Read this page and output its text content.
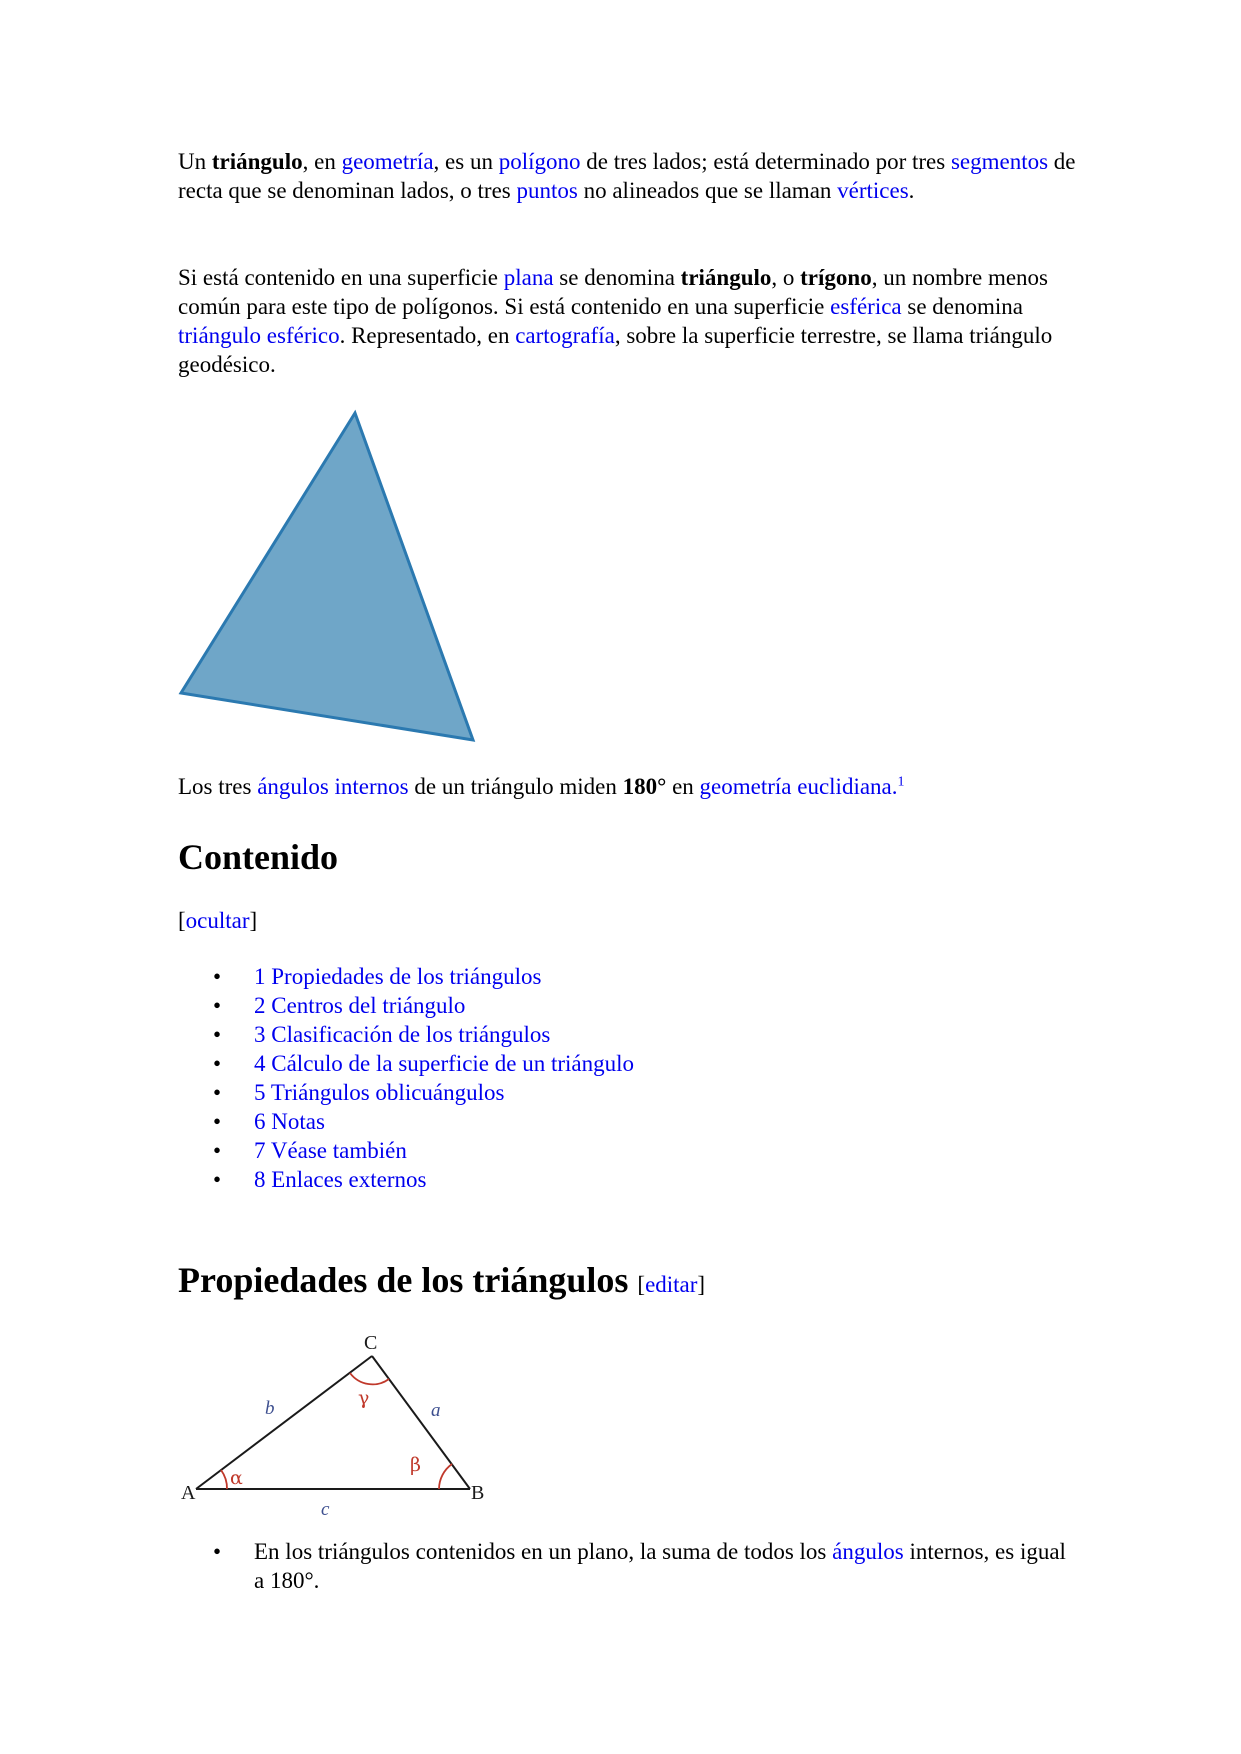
Un triángulo, en geometría, es un polígono de tres lados; está determinado por tres segmentos de recta que se denominan lados, o tres puntos no alineados que se llaman vértices.

Si está contenido en una superficie plana se denomina triángulo, o trígono, un nombre menos común para este tipo de polígonos. Si está contenido en una superficie esférica se denomina triángulo esférico. Representado, en cartografía, sobre la superficie terrestre, se llama triángulo geodésico.

Los tres ángulos internos de un triángulo miden 180° en geometría euclidiana.$^1$

Contenido

[ocultar]

• 1 Propiedades de los triángulos
• 2 Centros del triángulo
• 3 Clasificación de los triángulos
• 4 Cálculo de la superficie de un triángulo
• 5 Triángulos oblicuángulos
• 6 Notas
• 7 Véase también
• 8 Enlaces externos
Propiedades de los triángulos [editar]
A	B
C
b	a
c
α
β
γ
• En los triángulos contenidos en un plano, la suma de todos los ángulos internos, es igual a 180°.
